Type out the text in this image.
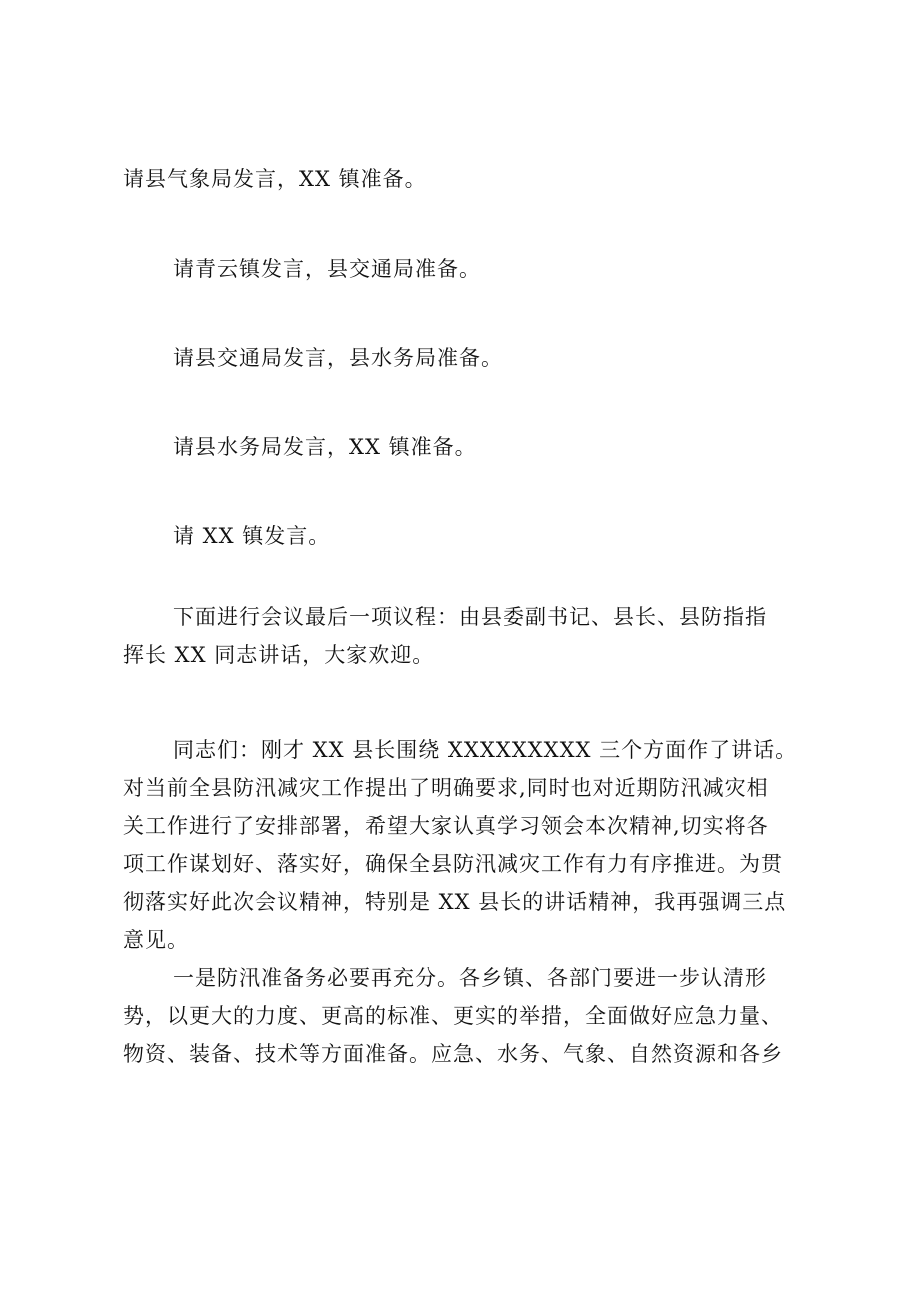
请县气象局发言，XX 镇准备。
请青云镇发言，县交通局准备。
请县交通局发言，县水务局准备。
请县水务局发言，XX 镇准备。
请 XX 镇发言。
下面进行会议最后一项议程：由县委副书记、县长、县防指指
挥长 XX 同志讲话，大家欢迎。
同志们：刚才 XX 县长围绕 XXXXXXXXX 三个方面作了讲话。
对当前全县防汛减灾工作提出了明确要求,同时也对近期防汛减灾相
关工作进行了安排部署，希望大家认真学习领会本次精神,切实将各
项工作谋划好、落实好，确保全县防汛减灾工作有力有序推进。为贯
彻落实好此次会议精神，特别是 XX 县长的讲话精神，我再强调三点
意见。
一是防汛准备务必要再充分。各乡镇、各部门要进一步认清形
势，以更大的力度、更高的标准、更实的举措，全面做好应急力量、
物资、装备、技术等方面准备。应急、水务、气象、自然资源和各乡
